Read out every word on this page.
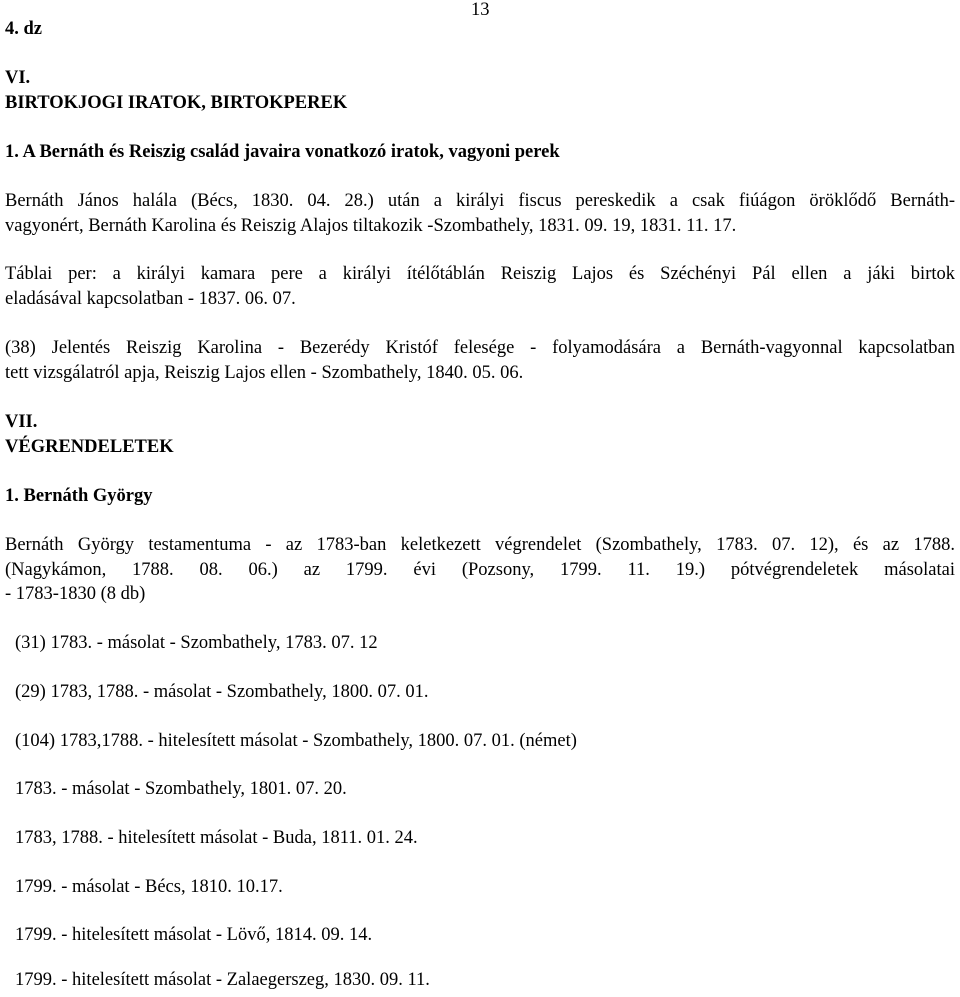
4. dz
13
VI.
BIRTOKJOGI IRATOK, BIRTOKPEREK
1. A Bernáth és Reiszig család javaira vonatkozó iratok, vagyoni perek
Bernáth János halála (Bécs, 1830. 04. 28.) után a királyi fiscus pereskedik a csak fiúágon öröklődő Bernáth-
vagyonért, Bernáth Karolina és Reiszig Alajos tiltakozik -Szombathely, 1831. 09. 19, 1831. 11. 17.
Táblai per: a királyi kamara pere a királyi ítélőtáblán Reiszig Lajos és Széchényi Pál ellen a jáki birtok
eladásával kapcsolatban - 1837. 06. 07.
(38) Jelentés Reiszig Karolina - Bezerédy Kristóf felesége - folyamodására a Bernáth-vagyonnal kapcsolatban
tett vizsgálatról apja, Reiszig Lajos ellen - Szombathely, 1840. 05. 06.
VII.
VÉGRENDELETEK
1. Bernáth György
Bernáth György testamentuma - az 1783-ban keletkezett végrendelet (Szombathely, 1783. 07. 12), és az 1788.
(Nagykámon, 1788. 08. 06.) az 1799. évi (Pozsony, 1799. 11. 19.) pótvégrendeletek másolatai
- 1783-1830 (8 db)
(31) 1783. - másolat - Szombathely, 1783. 07. 12
(29) 1783, 1788. - másolat - Szombathely, 1800. 07. 01.
(104) 1783,1788. - hitelesített másolat - Szombathely, 1800. 07. 01. (német)
1783. - másolat - Szombathely, 1801. 07. 20.
1783, 1788. - hitelesített másolat - Buda, 1811. 01. 24.
1799. - másolat - Bécs, 1810. 10.17.
1799. - hitelesített másolat - Lövő, 1814. 09. 14.
1799. - hitelesített másolat - Zalaegerszeg, 1830. 09. 11.
